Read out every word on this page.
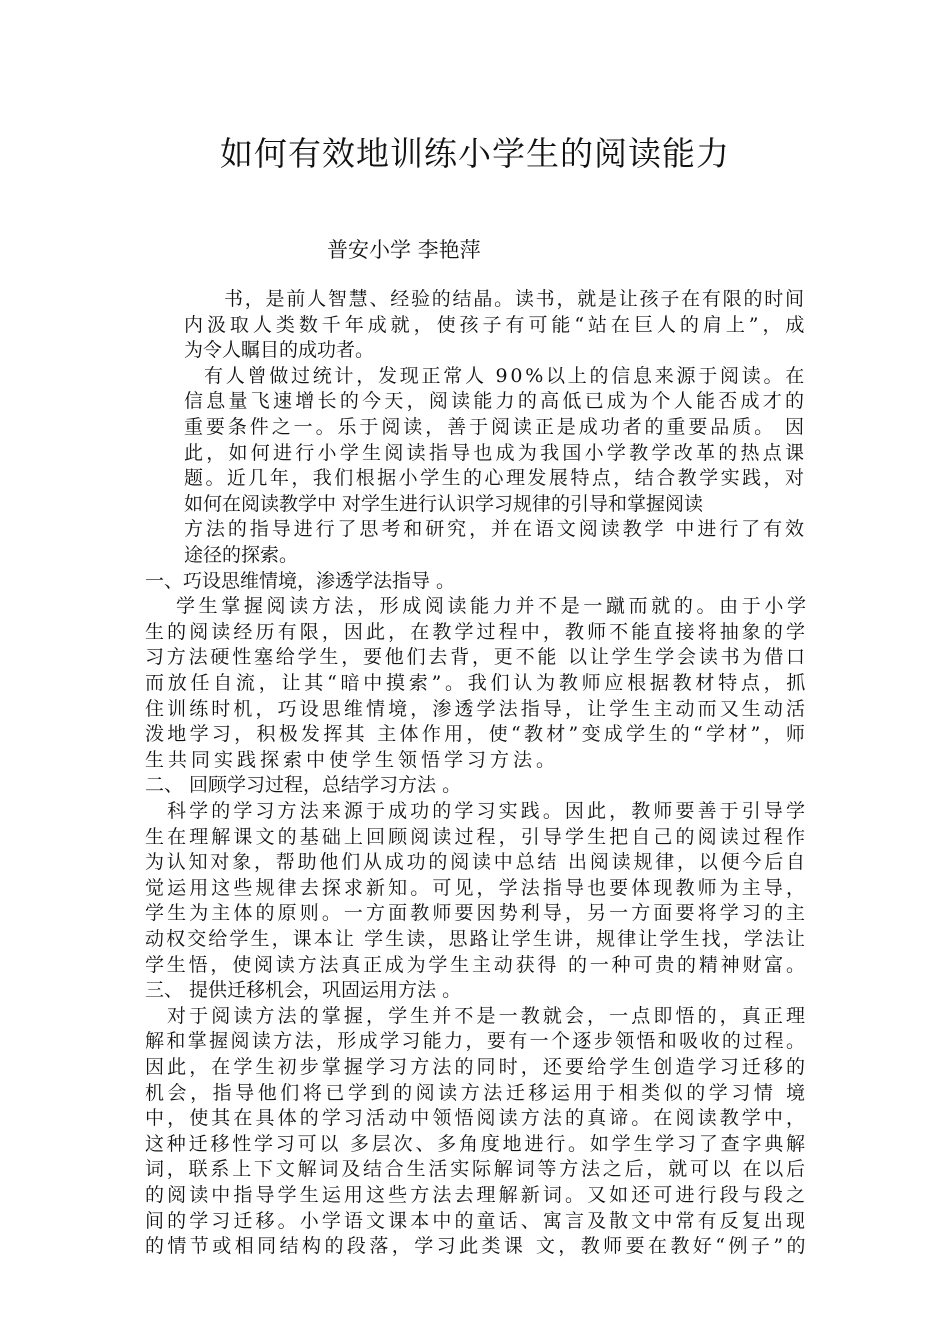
如何有效地训练小学生的阅读能力
普安小学 李艳萍
书，是前人智慧、经验的结晶。读书，就是让孩子在有限的时间
内汲取人类数千年成就，使孩子有可能“站在巨人的肩上”，成
为令人瞩目的成功者。
有人曾做过统计，发现正常人 90%以上的信息来源于阅读。在
信息量飞速增长的今天，阅读能力的高低已成为个人能否成才的
重要条件之一。乐于阅读，善于阅读正是成功者的重要品质。 因
此，如何进行小学生阅读指导也成为我国小学教学改革的热点课
题。近几年，我们根据小学生的心理发展特点，结合教学实践，对
如何在阅读教学中 对学生进行认识学习规律的引导和掌握阅读
方法的指导进行了思考和研究，并在语文阅读教学 中进行了有效
途径的探索。
一、巧设思维情境，渗透学法指导 。
学生掌握阅读方法，形成阅读能力并不是一蹴而就的。由于小学
生的阅读经历有限，因此，在教学过程中，教师不能直接将抽象的学
习方法硬性塞给学生，要他们去背，更不能 以让学生学会读书为借口
而放任自流，让其“暗中摸索”。我们认为教师应根据教材特点，抓
住训练时机，巧设思维情境，渗透学法指导，让学生主动而又生动活
泼地学习，积极发挥其 主体作用，使“教材”变成学生的“学材”，师
生共同实践探索中使学生领悟学习方法。
二、 回顾学习过程，总结学习方法 。
科学的学习方法来源于成功的学习实践。因此，教师要善于引导学
生在理解课文的基础上回顾阅读过程，引导学生把自己的阅读过程作
为认知对象，帮助他们从成功的阅读中总结 出阅读规律，以便今后自
觉运用这些规律去探求新知。可见，学法指导也要体现教师为主导，
学生为主体的原则。一方面教师要因势利导，另一方面要将学习的主
动权交给学生，课本让 学生读，思路让学生讲，规律让学生找，学法让
学生悟，使阅读方法真正成为学生主动获得 的一种可贵的精神财富。
三、 提供迁移机会，巩固运用方法 。
对于阅读方法的掌握，学生并不是一教就会，一点即悟的，真正理
解和掌握阅读方法，形成学习能力，要有一个逐步领悟和吸收的过程。
因此，在学生初步掌握学习方法的同时，还要给学生创造学习迁移的
机会，指导他们将已学到的阅读方法迁移运用于相类似的学习情 境
中，使其在具体的学习活动中领悟阅读方法的真谛。在阅读教学中，
这种迁移性学习可以 多层次、多角度地进行。如学生学习了查字典解
词，联系上下文解词及结合生活实际解词等方法之后，就可以 在以后
的阅读中指导学生运用这些方法去理解新词。又如还可进行段与段之
间的学习迁移。小学语文课本中的童话、寓言及散文中常有反复出现
的情节或相同结构的段落，学习此类课 文，教师要在教好“例子”的
